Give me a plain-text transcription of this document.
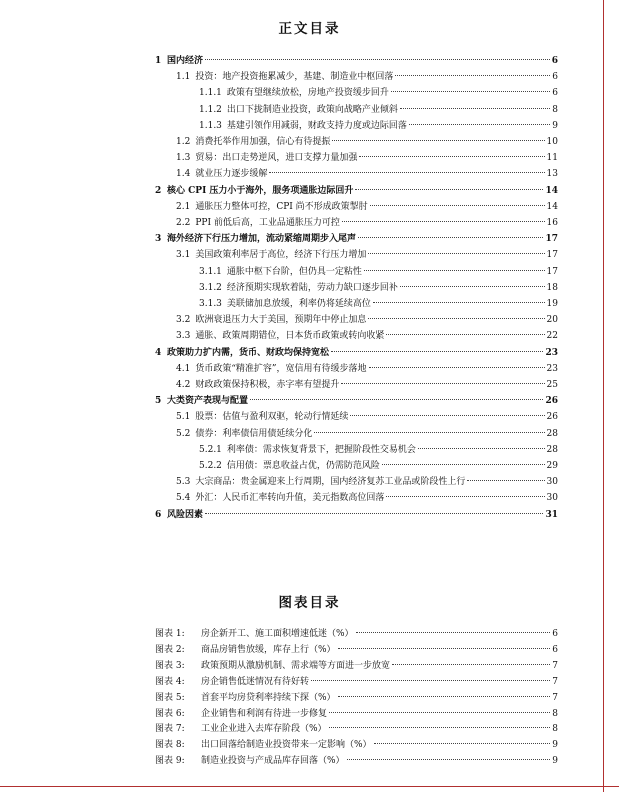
正文目录
1 国内经济	6
1.1 投资：地产投资拖累减少，基建、制造业中枢回落	6
1.1.1 政策有望继续放松，房地产投资缓步回升	6
1.1.2 出口下拢制造业投资，政策向战略产业倾斜	8
1.1.3 基建引领作用减弱，财政支持力度或边际回落	9
1.2 消费托举作用加强，信心有待提振	10
1.3 贸易：出口走势逆风，进口支撑力量加强	11
1.4 就业压力逐步缓解	13
2 核心 CPI 压力小于海外，服务项通胀边际回升	14
2.1 通胀压力整体可控，CPI 尚不形成政策掣肘	14
2.2 PPI 前低后高，工业品通胀压力可控	16
3 海外经济下行压力增加，流动紧缩周期步入尾声	17
3.1 美国政策利率居于高位，经济下行压力增加	17
3.1.1 通胀中枢下台阶，但仍具一定粘性	17
3.1.2 经济预期实现软着陆，劳动力缺口逐步回补	18
3.1.3 美联储加息放缓，利率仍将延续高位	19
3.2 欧洲衰退压力大于美国，预期年中停止加息	20
3.3 通胀、政策周期错位，日本货币政策或转向收紧	22
4 政策助力扩内需，货币、财政均保持宽松	23
4.1 货币政策“精准扩容”，宽信用有待缓步落地	23
4.2 财政政策保持积极，赤字率有望提升	25
5 大类资产表现与配置	26
5.1 股票：估值与盈利双驱，轮动行情延续	26
5.2 债券：利率债信用债延续分化	28
5.2.1 利率债：需求恢复背景下，把握阶段性交易机会	28
5.2.2 信用债：票息收益占优，仍需防范风险	29
5.3 大宗商品：贵金属迎来上行周期，国内经济复苏工业品或阶段性上行	30
5.4 外汇：人民币汇率转向升值，美元指数高位回落	30
6 风险因素	31
图表目录
图表 1:	房企新开工、施工面积增速低迷（%）	6
图表 2:	商品房销售放缓，库存上行（%）	6
图表 3:	政策预期从激励机制、需求端等方面进一步放宽	7
图表 4:	房企销售低迷情况有待好转	7
图表 5:	首套平均房贷利率持续下探（%）	7
图表 6:	企业销售和利润有待进一步修复	8
图表 7:	工业企业进入去库存阶段（%）	8
图表 8:	出口回落给制造业投资带来一定影响（%）	9
图表 9:	制造业投资与产成品库存回落（%）	9
